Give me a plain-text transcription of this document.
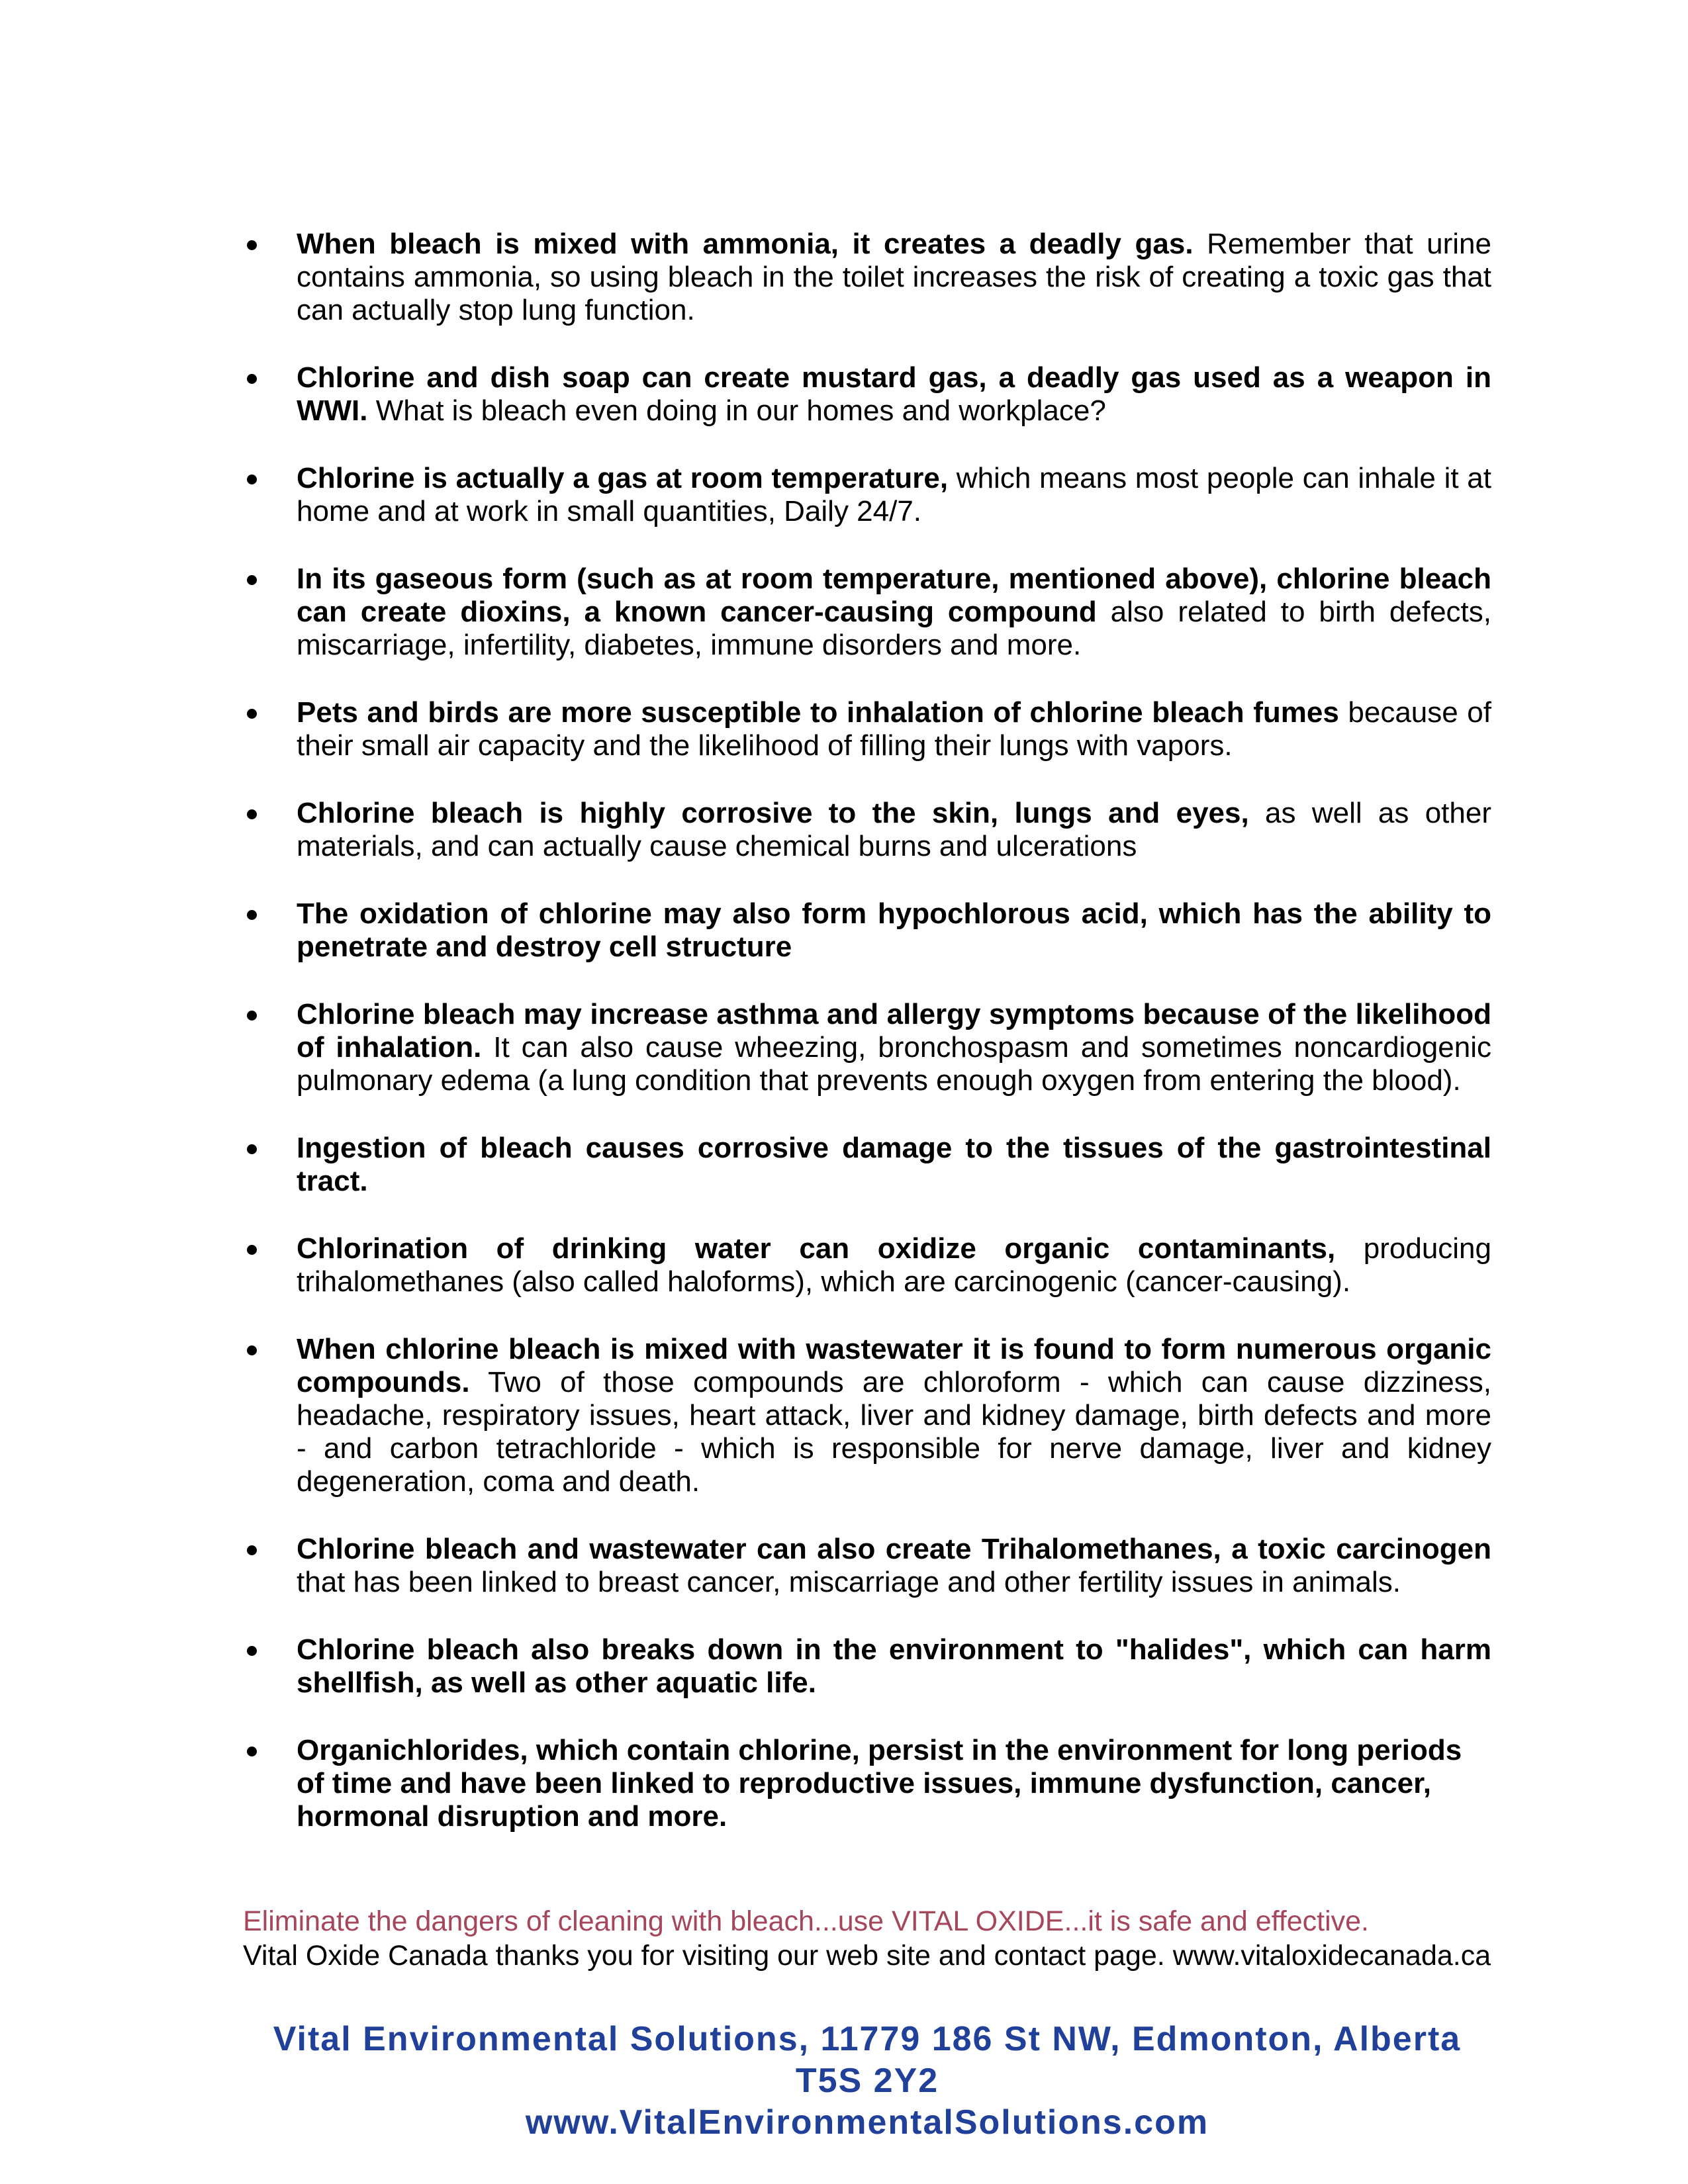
When bleach is mixed with ammonia, it creates a deadly gas. Remember that urine contains ammonia, so using bleach in the toilet increases the risk of creating a toxic gas that can actually stop lung function.
Chlorine and dish soap can create mustard gas, a deadly gas used as a weapon in WWI. What is bleach even doing in our homes and workplace?
Chlorine is actually a gas at room temperature, which means most people can inhale it at home and at work in small quantities, Daily 24/7.
In its gaseous form (such as at room temperature, mentioned above), chlorine bleach can create dioxins, a known cancer-causing compound also related to birth defects, miscarriage, infertility, diabetes, immune disorders and more.
Pets and birds are more susceptible to inhalation of chlorine bleach fumes because of their small air capacity and the likelihood of filling their lungs with vapors.
Chlorine bleach is highly corrosive to the skin, lungs and eyes, as well as other materials, and can actually cause chemical burns and ulcerations
The oxidation of chlorine may also form hypochlorous acid, which has the ability to penetrate and destroy cell structure
Chlorine bleach may increase asthma and allergy symptoms because of the likelihood of inhalation. It can also cause wheezing, bronchospasm and sometimes noncardiogenic pulmonary edema (a lung condition that prevents enough oxygen from entering the blood).
Ingestion of bleach causes corrosive damage to the tissues of the gastrointestinal tract.
Chlorination of drinking water can oxidize organic contaminants, producing trihalomethanes (also called haloforms), which are carcinogenic (cancer-causing).
When chlorine bleach is mixed with wastewater it is found to form numerous organic compounds. Two of those compounds are chloroform - which can cause dizziness, headache, respiratory issues, heart attack, liver and kidney damage, birth defects and more - and carbon tetrachloride - which is responsible for nerve damage, liver and kidney degeneration, coma and death.
Chlorine bleach and wastewater can also create Trihalomethanes, a toxic carcinogen that has been linked to breast cancer, miscarriage and other fertility issues in animals.
Chlorine bleach also breaks down in the environment to "halides", which can harm shellfish, as well as other aquatic life.
Organichlorides, which contain chlorine, persist in the environment for long periods of time and have been linked to reproductive issues, immune dysfunction, cancer, hormonal disruption and more.
Eliminate the dangers of cleaning with bleach...use VITAL OXIDE...it is safe and effective.
Vital Oxide Canada thanks you for visiting our web site and contact page. www.vitaloxidecanada.ca
Vital Environmental Solutions, 11779 186 St NW, Edmonton, Alberta T5S 2Y2
www.VitalEnvironmentalSolutions.com
